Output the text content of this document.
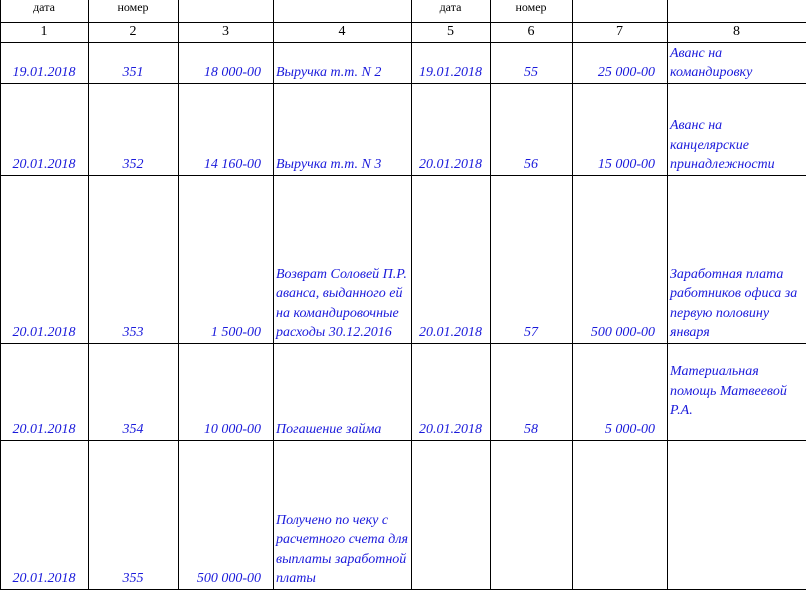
дата	номер			дата	номер		
1	2	3	4	5	6	7	8
19.01.2018	351	18 000-00	Выручка т.т. N 2	19.01.2018	55	25 000-00	Аванс на командировку
20.01.2018	352	14 160-00	Выручка т.т. N 3	20.01.2018	56	15 000-00	Аванс на канцелярские принадлежности
20.01.2018	353	1 500-00	Возврат Соловей П.Р. аванса, выданного ей на командировочные расходы 30.12.2016	20.01.2018	57	500 000-00	Заработная плата работников офиса за первую половину января
20.01.2018	354	10 000-00	Погашение займа	20.01.2018	58	5 000-00	Материальная помощь Матвеевой Р.А.
20.01.2018	355	500 000-00	Получено по чеку с расчетного счета для выплаты заработной платы				
